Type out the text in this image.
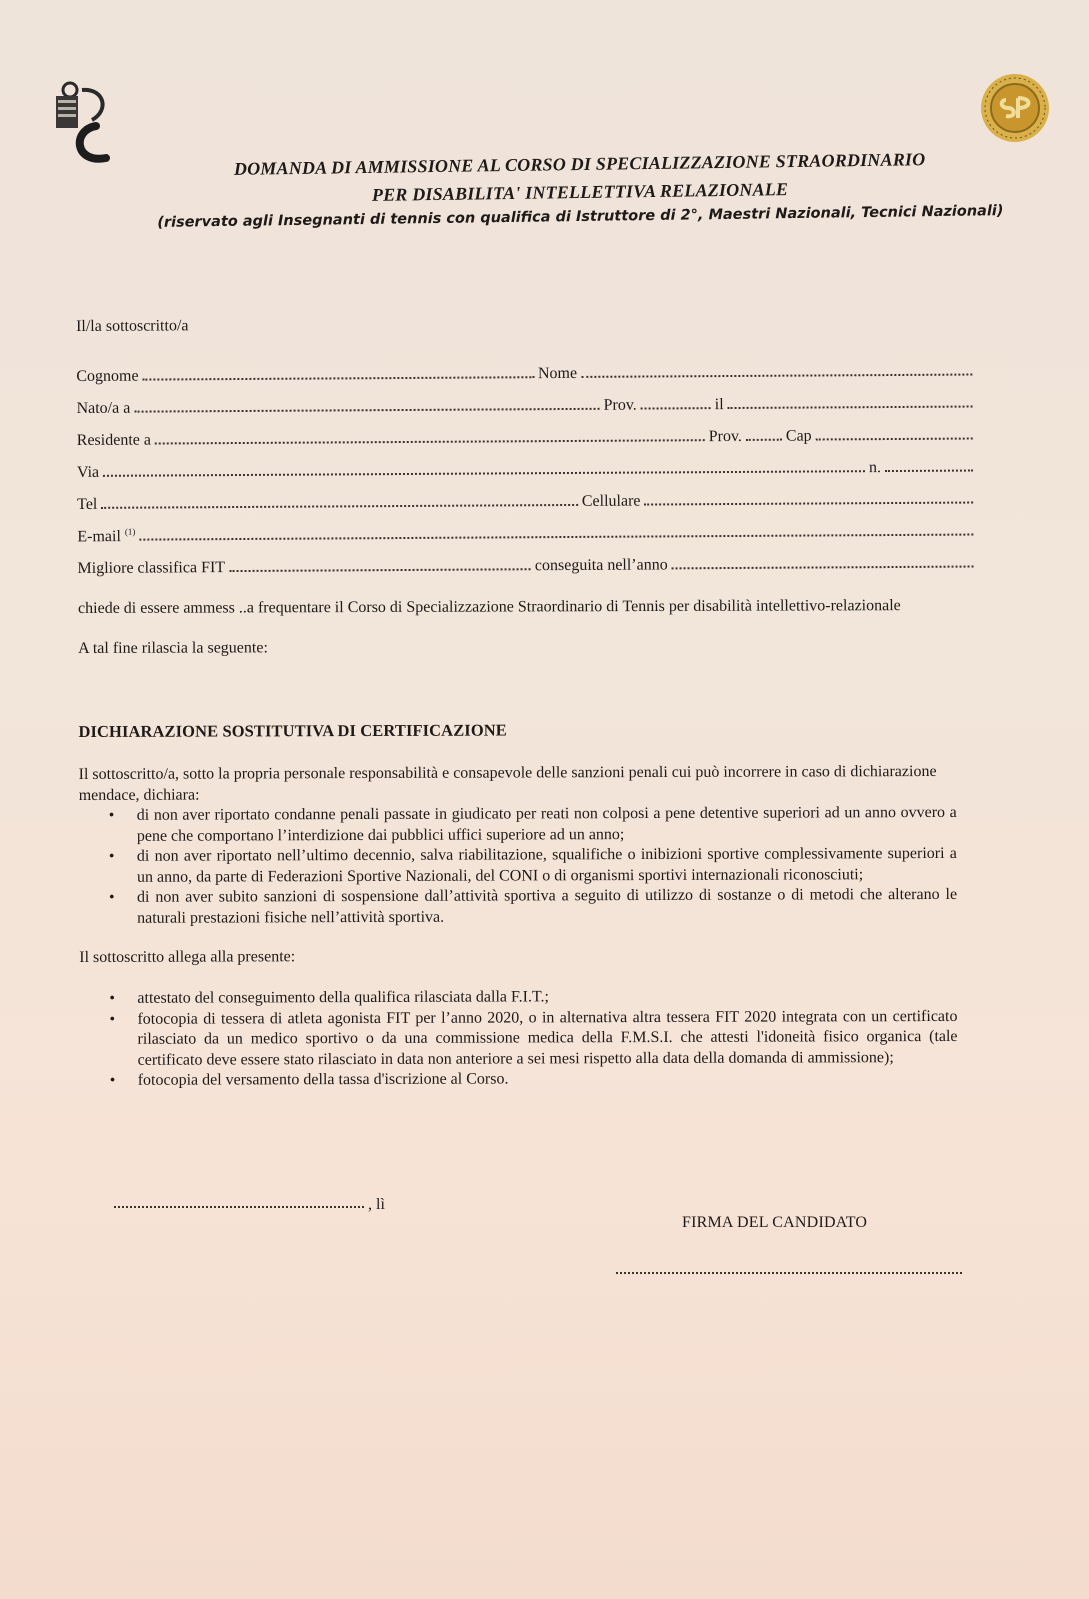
DOMANDA DI AMMISSIONE AL CORSO DI SPECIALIZZAZIONE STRAORDINARIO
PER DISABILITA' INTELLETTIVA RELAZIONALE
(riservato agli Insegnanti di tennis con qualifica di Istruttore di 2°, Maestri Nazionali, Tecnici Nazionali)
Il/la sottoscritto/a
Cognome	Nome
Nato/a a	Prov.	il
Residente a	Prov.	Cap
Via	n.
Tel	Cellulare
E-mail $^{(1)}$
Migliore classifica FIT	conseguita nell’anno

chiede di essere ammess ..a frequentare il Corso di Specializzazione Straordinario di Tennis per disabilità intellettivo-relazionale

A tal fine rilascia la seguente:

DICHIARAZIONE SOSTITUTIVA DI CERTIFICAZIONE

Il sottoscritto/a, sotto la propria personale responsabilità e consapevole delle sanzioni penali cui può incorrere in caso di dichiarazione mendace, dichiara:

• di non aver riportato condanne penali passate in giudicato per reati non colposi a pene detentive superiori ad un anno ovvero a pene che comportano l’interdizione dai pubblici uffici superiore ad un anno;
• di non aver riportato nell’ultimo decennio, salva riabilitazione, squalifiche o inibizioni sportive complessivamente superiori a un anno, da parte di Federazioni Sportive Nazionali, del CONI o di organismi sportivi internazionali riconosciuti;
• di non aver subito sanzioni di sospensione dall’attività sportiva a seguito di utilizzo di sostanze o di metodi che alterano le naturali prestazioni fisiche nell’attività sportiva.

Il sottoscritto allega alla presente:

• attestato del conseguimento della qualifica rilasciata dalla F.I.T.;
• fotocopia di tessera di atleta agonista FIT per l’anno 2020, o in alternativa altra tessera FIT 2020 integrata con un certificato rilasciato da un medico sportivo o da una commissione medica della F.M.S.I. che attesti l'idoneità fisico organica (tale certificato deve essere stato rilasciato in data non anteriore a sei mesi rispetto alla data della domanda di ammissione);
• fotocopia del versamento della tassa d'iscrizione al Corso.
, lì
FIRMA DEL CANDIDATO
